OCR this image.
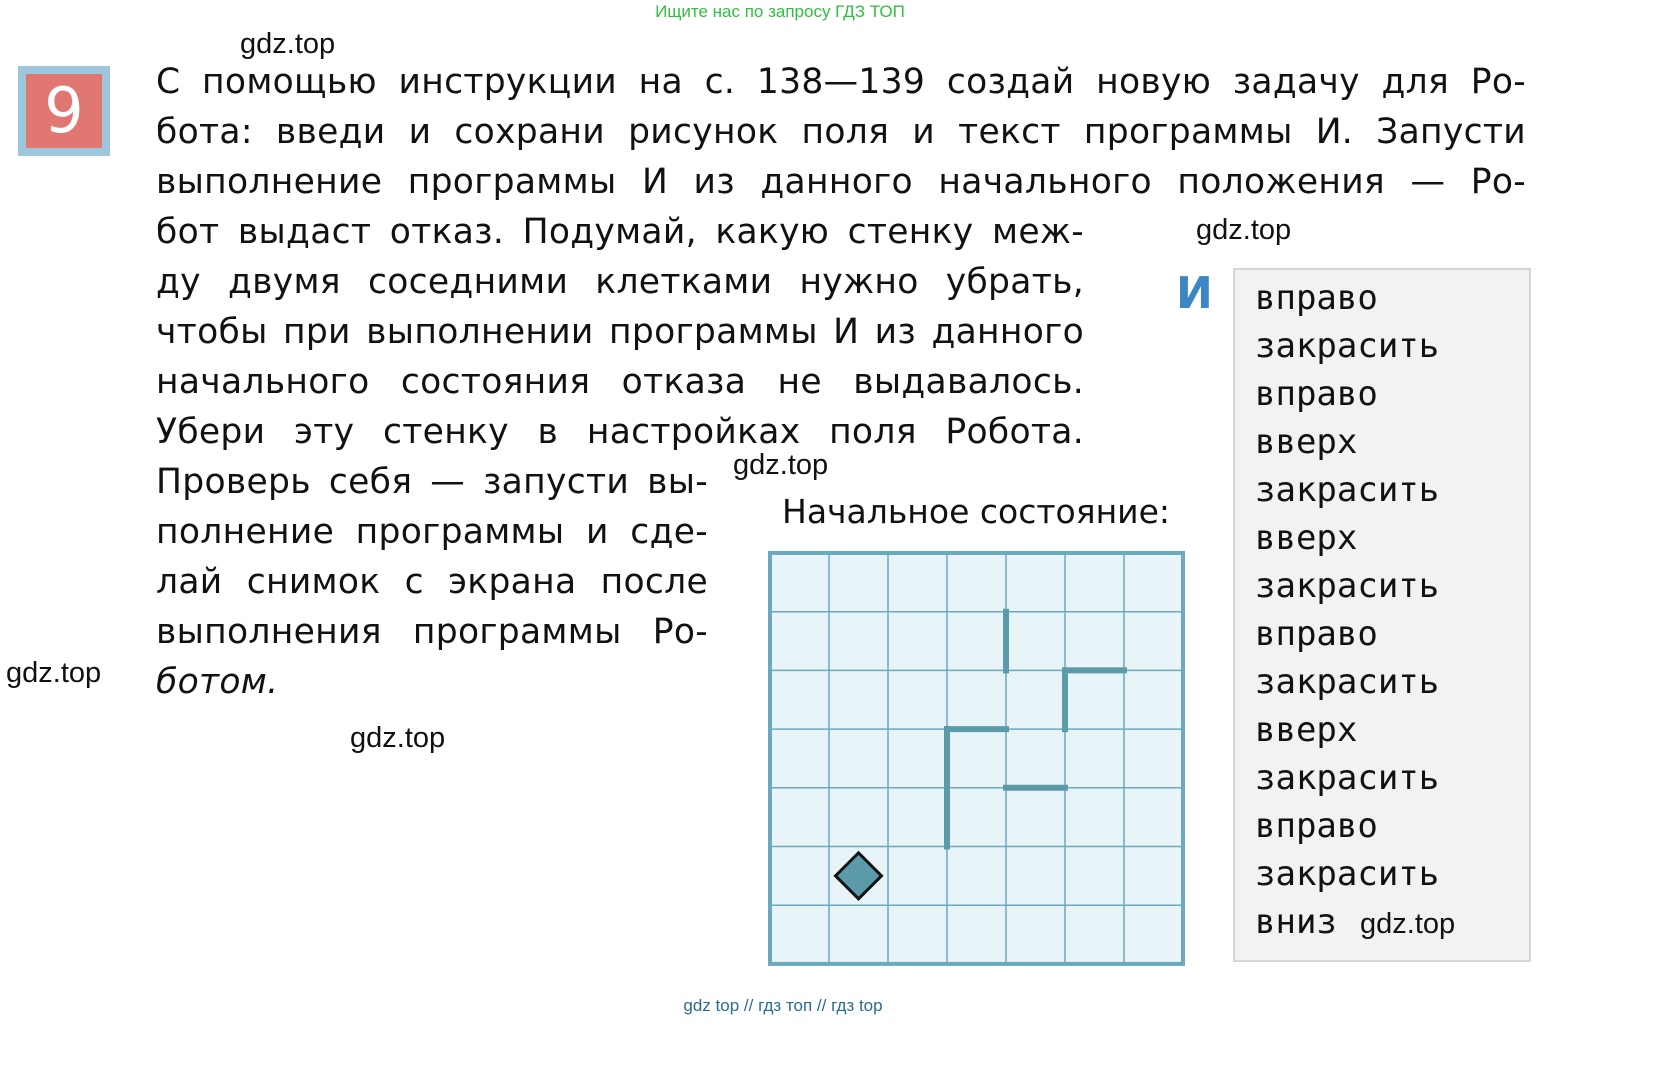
Ищите нас по запросу ГДЗ ТОП
gdz.top
gdz.top
gdz.top
gdz.top
gdz.top
gdz.top
9	С помощью инструкции на с. 138—139 создай новую задачу для Ро-
бота: введи и сохрани рисунок поля и текст программы И. Запусти
выполнение программы И из данного начального положения — Ро-
бот выдаст отказ. Подумай, какую стенку меж-
ду двумя соседними клетками нужно убрать,
чтобы при выполнении программы И из данного
начального состояния отказа не выдавалось.
Убери эту стенку в настройках поля Робота.
Проверь себя — запусти вы-
полнение программы и сде-
лай снимок с экрана после
выполнения программы Ро-
ботом.
Начальное состояние:
И вправо
закрасить
вправо
вверх
закрасить
вверх
закрасить
вправо
закрасить
вверх
закрасить
вправо
закрасить
вниз
gdz top // гдз топ // гдз top
